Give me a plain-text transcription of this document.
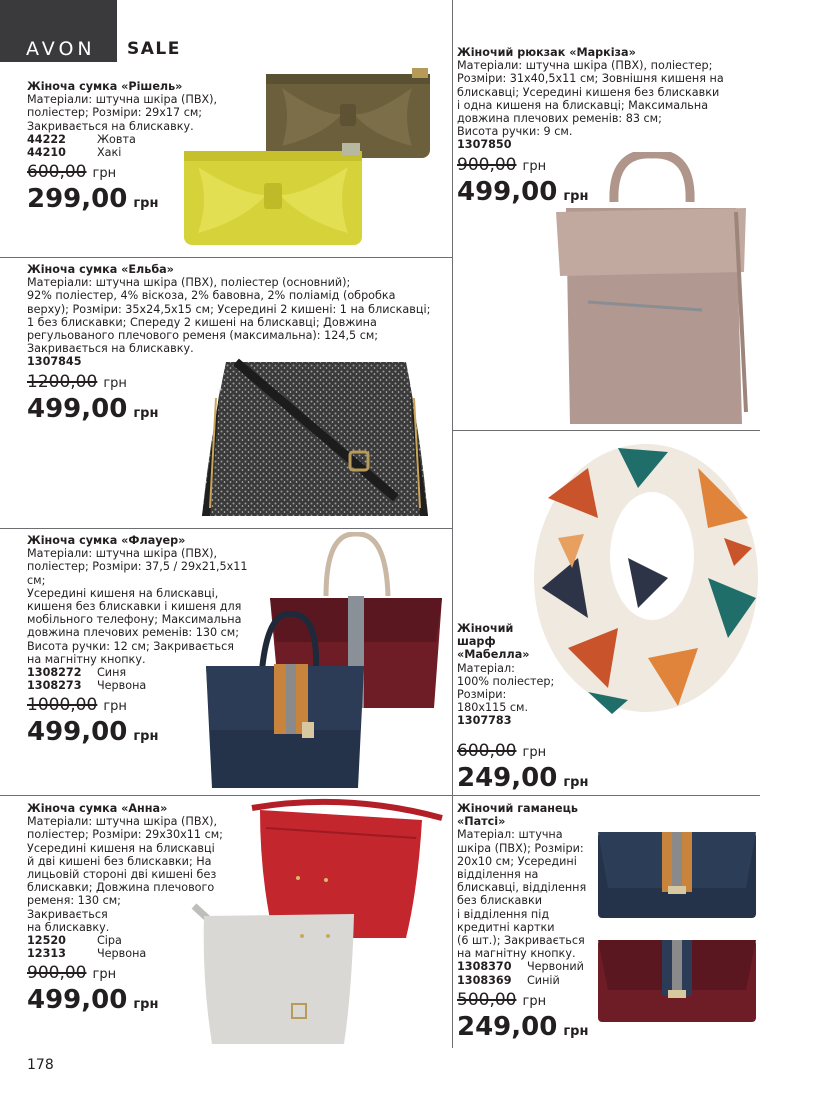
AVON SALE
Жіноча сумка «Рішель»
Матеріали: штучна шкіра (ПВХ),
поліестер; Розміри: 29x17 см;
Закривається на блискавку.
44222	Жовта
44210	Хакі
600,00 грн
299,00 грн
Жіноча сумка «Ельба»
Матеріали: штучна шкіра (ПВХ), поліестер (основний);
92% поліестер, 4% віскоза, 2% бавовна, 2% поліамід (обробка
верху); Розміри: 35x24,5x15 см; Усередині 2 кишені: 1 на блискавці;
1 без блискавки; Спереду 2 кишені на блискавці; Довжина
регульованого плечового ременя (максимальна): 124,5 см;
Закривається на блискавку.
1307845
1200,00 грн
499,00 грн
Жіноча сумка «Флауер»
Матеріали: штучна шкіра (ПВХ),
поліестер; Розміри: 37,5 / 29x21,5x11 см;
Усередині кишеня на блискавці,
кишеня без блискавки і кишеня для
мобільного телефону; Максимальна
довжина плечових ременів: 130 см;
Висота ручки: 12 см; Закривається
на магнітну кнопку.
1308272	Синя
1308273	Червона
1000,00 грн
499,00 грн
Жіноча сумка «Анна»
Матеріали: штучна шкіра (ПВХ),
поліестер; Розміри: 29x30x11 см;
Усередині кишеня на блискавці
й дві кишені без блискавки; На
лицьовій стороні дві кишені без
блискавки; Довжина плечового
ременя: 130 см;
Закривається
на блискавку.
12520	Сіра
12313	Червона
900,00 грн
499,00 грн
Жіночий рюкзак «Маркіза»
Матеріали: штучна шкіра (ПВХ), поліестер;
Розміри: 31x40,5x11 см; Зовнішня кишеня на
блискавці; Усередині кишеня без блискавки
і одна кишеня на блискавці; Максимальна
довжина плечових ременів: 83 см;
Висота ручки: 9 см.
1307850
900,00 грн
499,00 грн
Жіночий
шарф
«Мабелла»
Матеріал:
100% поліестер;
Розміри:
180x115 см.
1307783
600,00 грн
249,00 грн
Жіночий гаманець
«Патсі»
Матеріал: штучна
шкіра (ПВХ); Розміри:
20x10 см; Усередині
відділення на
блискавці, відділення
без блискавки
і відділення під
кредитні картки
(6 шт.); Закривається
на магнітну кнопку.
1308370	Червоний
1308369	Синій
500,00 грн
249,00 грн
178
